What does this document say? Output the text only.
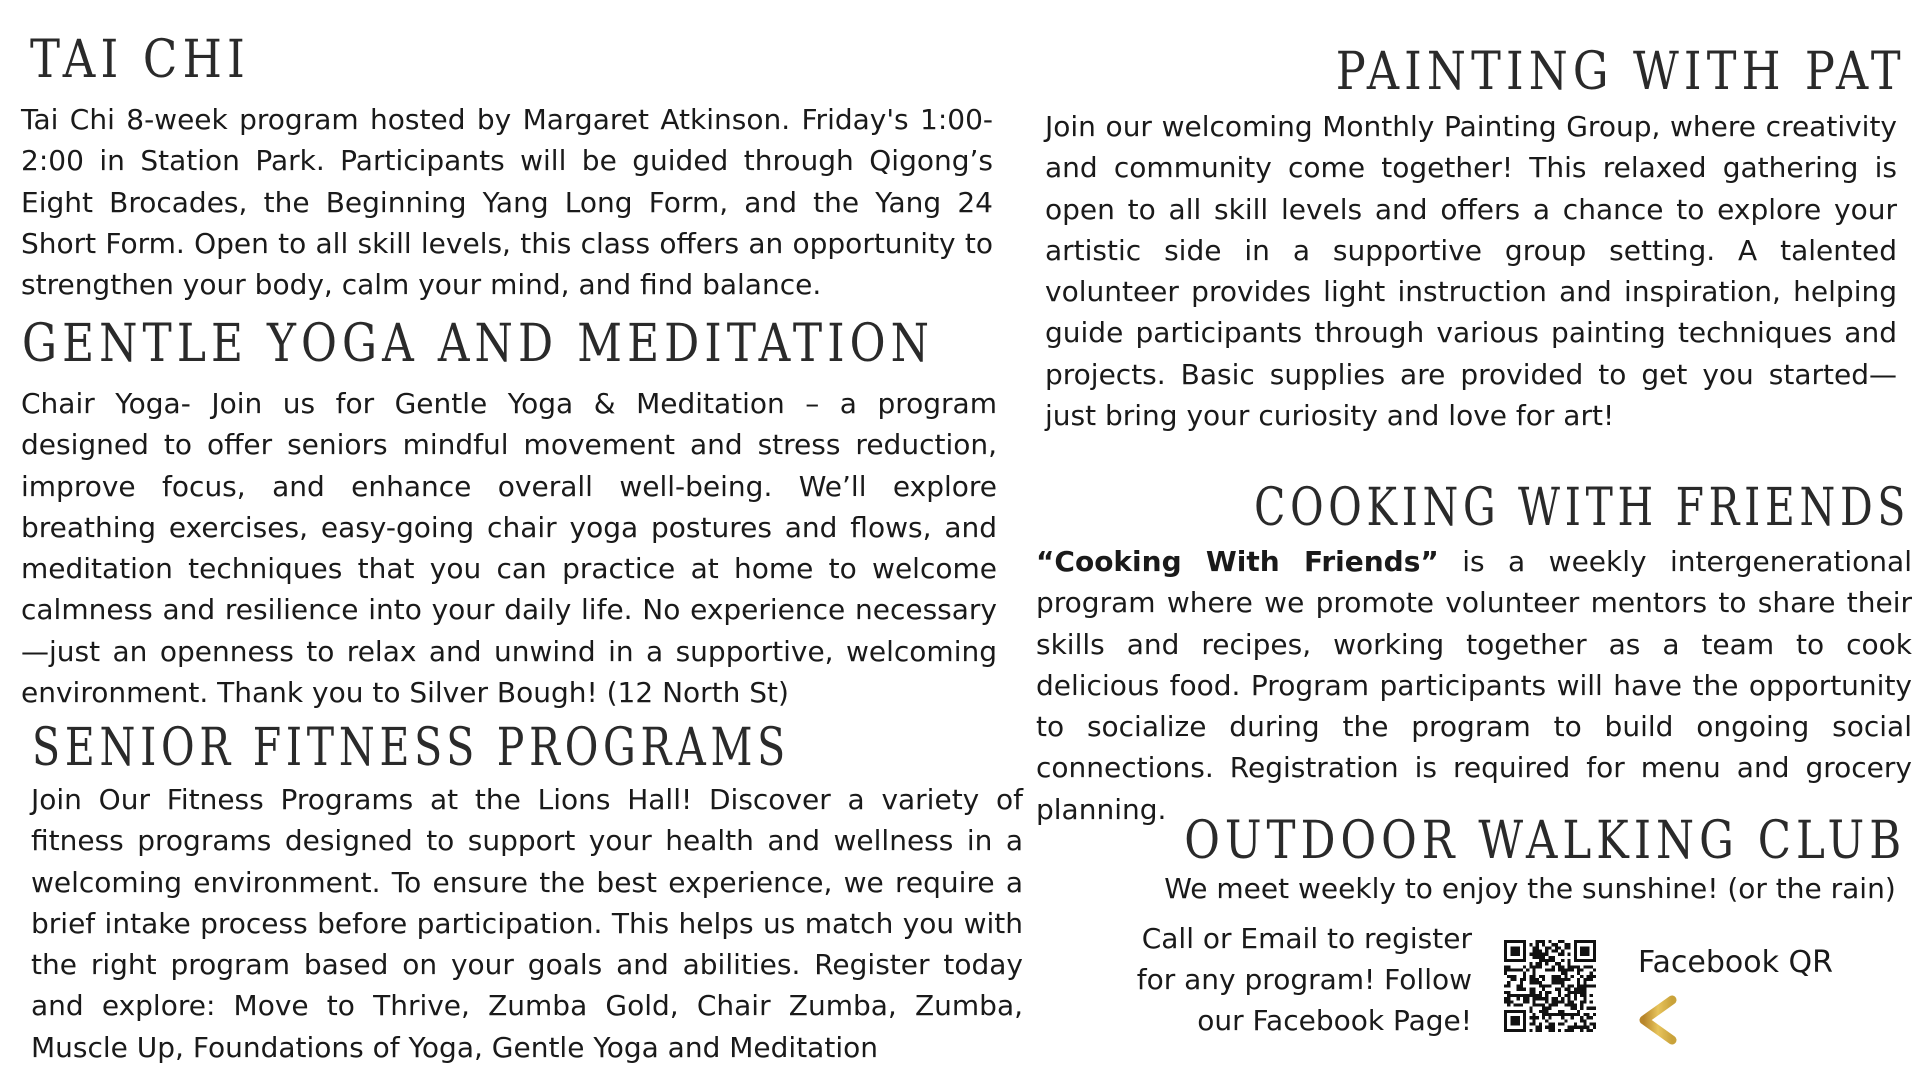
TAI CHI

Tai Chi 8-week program hosted by Margaret Atkinson. Friday's 1:00-2:00 in Station Park. Participants will be guided through Qigong’s Eight Brocades, the Beginning Yang Long Form, and the Yang 24 Short Form. Open to all skill levels, this class offers an opportunity to strengthen your body, calm your mind, and find balance.

GENTLE YOGA AND MEDITATION

Chair Yoga- Join us for Gentle Yoga & Meditation – a program designed to offer seniors mindful movement and stress reduction, improve focus, and enhance overall well-being. We’ll explore breathing exercises, easy-going chair yoga postures and flows, and meditation techniques that you can practice at home to welcome calmness and resilience into your daily life. No experience necessary—just an openness to relax and unwind in a supportive, welcoming environment. Thank you to Silver Bough! (12 North St)

SENIOR FITNESS PROGRAMS

Join Our Fitness Programs at the Lions Hall! Discover a variety of fitness programs designed to support your health and wellness in a welcoming environment. To ensure the best experience, we require a brief intake process before participation. This helps us match you with the right program based on your goals and abilities. Register today and explore: Move to Thrive, Zumba Gold, Chair Zumba, Zumba, Muscle Up, Foundations of Yoga, Gentle Yoga and Meditation

PAINTING WITH PAT

Join our welcoming Monthly Painting Group, where creativity and community come together! This relaxed gathering is open to all skill levels and offers a chance to explore your artistic side in a supportive group setting. A talented volunteer provides light instruction and inspiration, helping guide participants through various painting techniques and projects. Basic supplies are provided to get you started—just bring your curiosity and love for art!

COOKING WITH FRIENDS

“Cooking With Friends” is a weekly intergenerational program where we promote volunteer mentors to share their skills and recipes, working together as a team to cook delicious food. Program participants will have the opportunity to socialize during the program to build ongoing social connections. Registration is required for menu and grocery planning.

OUTDOOR WALKING CLUB

We meet weekly to enjoy the sunshine! (or the rain)

Call or Email to register
for any program! Follow
our Facebook Page!

Facebook QR
